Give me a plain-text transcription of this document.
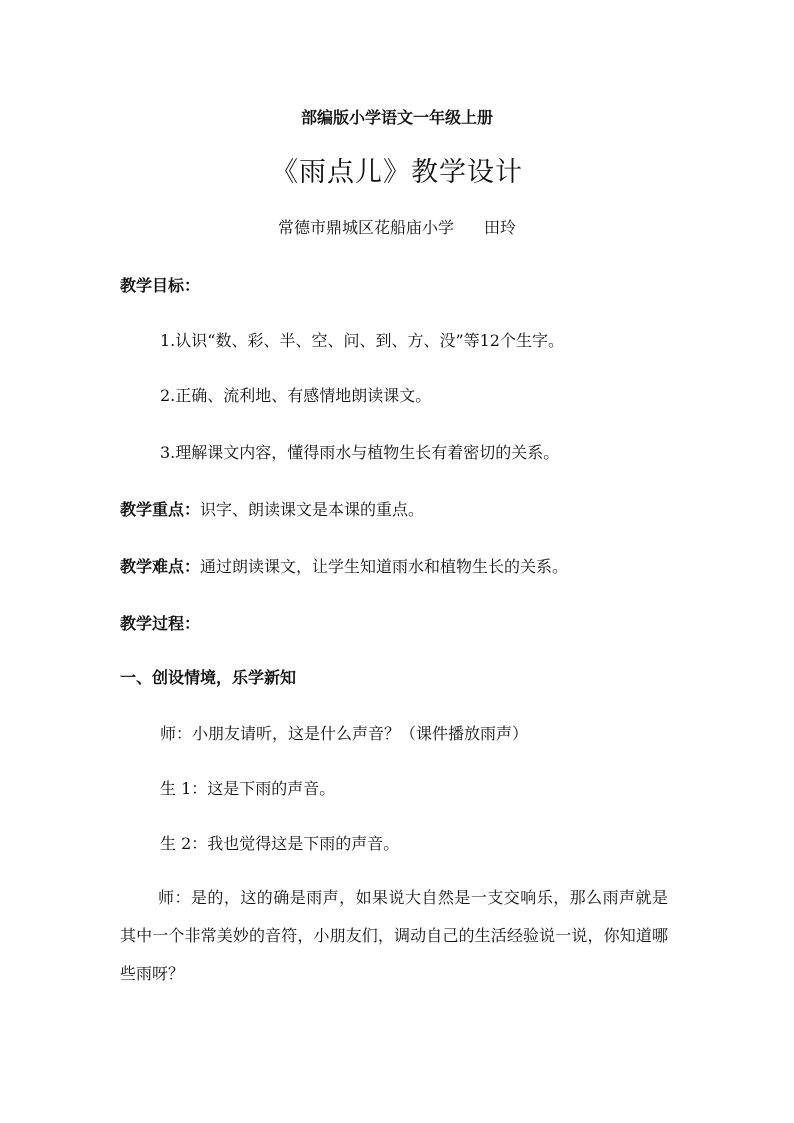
部编版小学语文一年级上册
《雨点儿》教学设计
常德市鼎城区花船庙小学 田玲
教学目标：
1.认识“数、彩、半、空、问、到、方、没”等12个生字。
2.正确、流利地、有感情地朗读课文。
3.理解课文内容，懂得雨水与植物生长有着密切的关系。
教学重点：识字、朗读课文是本课的重点。
教学难点：通过朗读课文，让学生知道雨水和植物生长的关系。
教学过程：
一、创设情境，乐学新知
师：小朋友请听，这是什么声音？（课件播放雨声）
生 1：这是下雨的声音。
生 2：我也觉得这是下雨的声音。
师：是的，这的确是雨声，如果说大自然是一支交响乐，那么雨声就是其中一个非常美妙的音符，小朋友们，调动自己的生活经验说一说，你知道哪些雨呀？
